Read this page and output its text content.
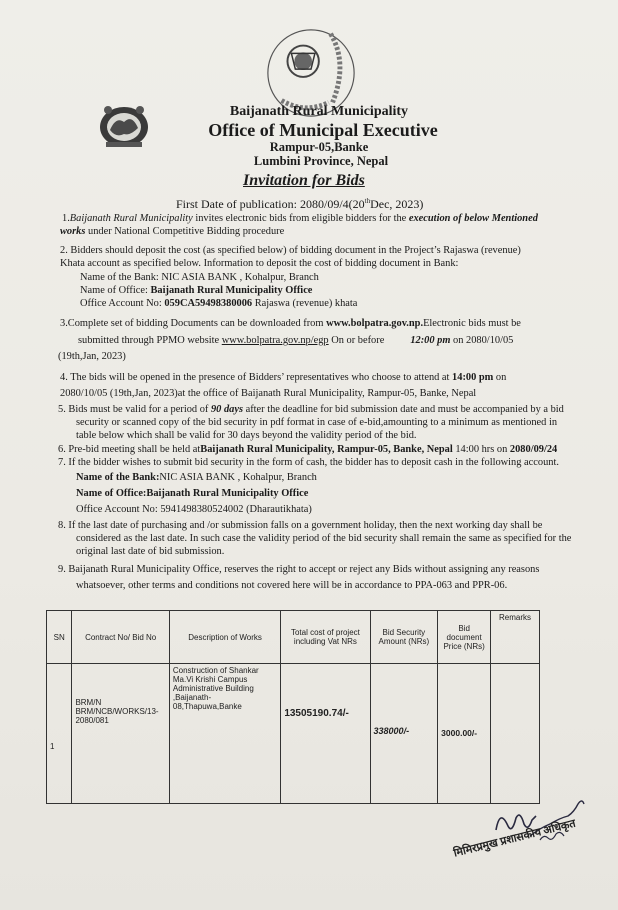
Baijanath Rural Municipality
Office of Municipal Executive
Rampur-05,Banke
Lumbini Province, Nepal
Invitation for Bids
First Date of publication: 2080/09/4(20thDec, 2023)
1.Baijanath Rural Municipality invites electronic bids from eligible bidders for the execution of below Mentioned
works under National Competitive Bidding procedure
2. Bidders should deposit the cost (as specified below) of bidding document in the Project’s Rajaswa (revenue)
Khata account as specified below. Information to deposit the cost of bidding document in Bank:
Name of the Bank: NIC ASIA BANK , Kohalpur, Branch
Name of Office: Baijanath Rural Municipality Office
Office Account No: 059CA59498380006 Rajaswa (revenue) khata
3.Complete set of bidding Documents can be downloaded from www.bolpatra.gov.np.Electronic bids must be
submitted through PPMO website www.bolpatra.gov.np/egp On or before	12:00 pm on 2080/10/05
(19th,Jan, 2023)
4. The bids will be opened in the presence of Bidders’ representatives who choose to attend at 14:00 pm on
2080/10/05 (19th,Jan, 2023)at the office of Baijanath Rural Municipality, Rampur-05, Banke, Nepal
5. Bids must be valid for a period of 90 days after the deadline for bid submission date and must be accompanied by a bid
security or scanned copy of the bid security in pdf format in case of e-bid,amounting to a minimum as mentioned in
table below which shall be valid for 30 days beyond the validity period of the bid.
6. Pre-bid meeting shall be held atBaijanath Rural Municipality, Rampur-05, Banke, Nepal 14:00 hrs on 2080/09/24
7. If the bidder wishes to submit bid security in the form of cash, the bidder has to deposit cash in the following account.
Name of the Bank:NIC ASIA BANK , Kohalpur, Branch
Name of Office:Baijanath Rural Municipality Office
Office Account No: 5941498380524002 (Dharautikhata)
8. If the last date of purchasing and /or submission falls on a government holiday, then the next working day shall be
considered as the last date. In such case the validity period of the bid security shall remain the same as specified for the
original last date of bid submission.
9. Baijanath Rural Municipality Office, reserves the right to accept or reject any Bids without assigning any reasons
whatsoever, other terms and conditions not covered here will be in accordance to PPA-063 and PPR-06.
SN	Contract No/ Bid No	Description of Works	Total cost of project including Vat NRs	Bid Security Amount (NRs)	Bid document Price (NRs)	Remarks
1	BRM/N BRM/NCB/WORKS/13-2080/081	Construction of Shankar Ma.Vi Krishi Campus Administrative Building ,Baijanath-08,Thapuwa,Banke	13505190.74/-	338000/-	3000.00/-	
मिमिरप्रमुख प्रशासकीय अधिकृत
